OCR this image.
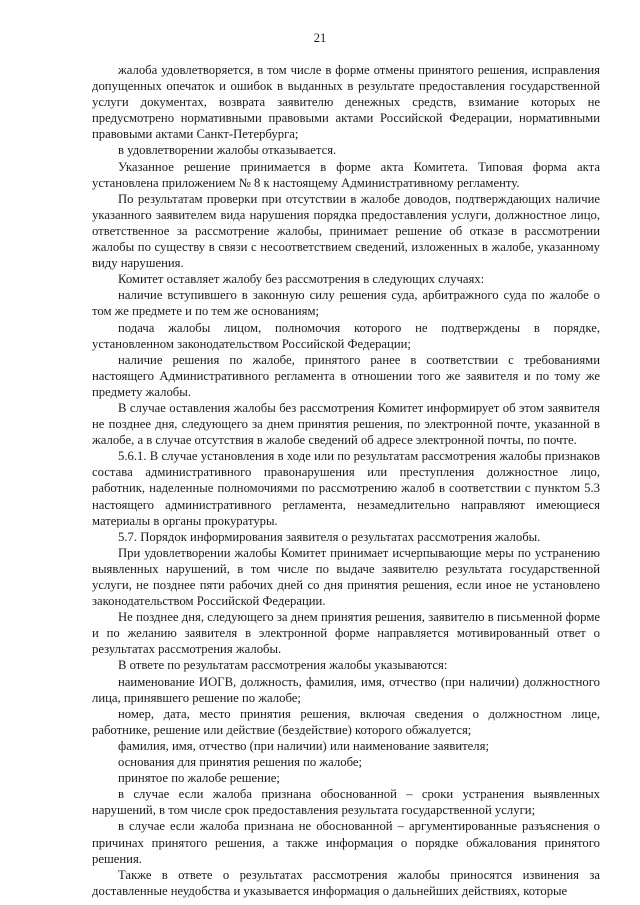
21

жалоба удовлетворяется, в том числе в форме отмены принятого решения, исправления допущенных опечаток и ошибок в выданных в результате предоставления государственной услуги документах, возврата заявителю денежных средств, взимание которых не предусмотрено нормативными правовыми актами Российской Федерации, нормативными правовыми актами Санкт-Петербурга;

в удовлетворении жалобы отказывается.

Указанное решение принимается в форме акта Комитета. Типовая форма акта установлена приложением № 8 к настоящему Административному регламенту.

По результатам проверки при отсутствии в жалобе доводов, подтверждающих наличие указанного заявителем вида нарушения порядка предоставления услуги, должностное лицо, ответственное за рассмотрение жалобы, принимает решение об отказе в рассмотрении жалобы по существу в связи с несоответствием сведений, изложенных в жалобе, указанному виду нарушения.

Комитет оставляет жалобу без рассмотрения в следующих случаях:

наличие вступившего в законную силу решения суда, арбитражного суда по жалобе о том же предмете и по тем же основаниям;

подача жалобы лицом, полномочия которого не подтверждены в порядке, установленном законодательством Российской Федерации;

наличие решения по жалобе, принятого ранее в соответствии с требованиями настоящего Административного регламента в отношении того же заявителя и по тому же предмету жалобы.

В случае оставления жалобы без рассмотрения Комитет информирует об этом заявителя не позднее дня, следующего за днем принятия решения, по электронной почте, указанной в жалобе, а в случае отсутствия в жалобе сведений об адресе электронной почты, по почте.

5.6.1. В случае установления в ходе или по результатам рассмотрения жалобы признаков состава административного правонарушения или преступления должностное лицо, работник, наделенные полномочиями по рассмотрению жалоб в соответствии с пунктом 5.3 настоящего административного регламента, незамедлительно направляют имеющиеся материалы в органы прокуратуры.

5.7. Порядок информирования заявителя о результатах рассмотрения жалобы.

При удовлетворении жалобы Комитет принимает исчерпывающие меры по устранению выявленных нарушений, в том числе по выдаче заявителю результата государственной услуги, не позднее пяти рабочих дней со дня принятия решения, если иное не установлено законодательством Российской Федерации.

Не позднее дня, следующего за днем принятия решения, заявителю в письменной форме и по желанию заявителя в электронной форме направляется мотивированный ответ о результатах рассмотрения жалобы.

В ответе по результатам рассмотрения жалобы указываются:

наименование ИОГВ, должность, фамилия, имя, отчество (при наличии) должностного лица, принявшего решение по жалобе;

номер, дата, место принятия решения, включая сведения о должностном лице, работнике, решение или действие (бездействие) которого обжалуется;

фамилия, имя, отчество (при наличии) или наименование заявителя;

основания для принятия решения по жалобе;

принятое по жалобе решение;

в случае если жалоба признана обоснованной – сроки устранения выявленных нарушений, в том числе срок предоставления результата государственной услуги;

в случае если жалоба признана не обоснованной – аргументированные разъяснения о причинах принятого решения, а также информация о порядке обжалования принятого решения.

Также в ответе о результатах рассмотрения жалобы приносятся извинения за доставленные неудобства и указывается информация о дальнейших действиях, которые
